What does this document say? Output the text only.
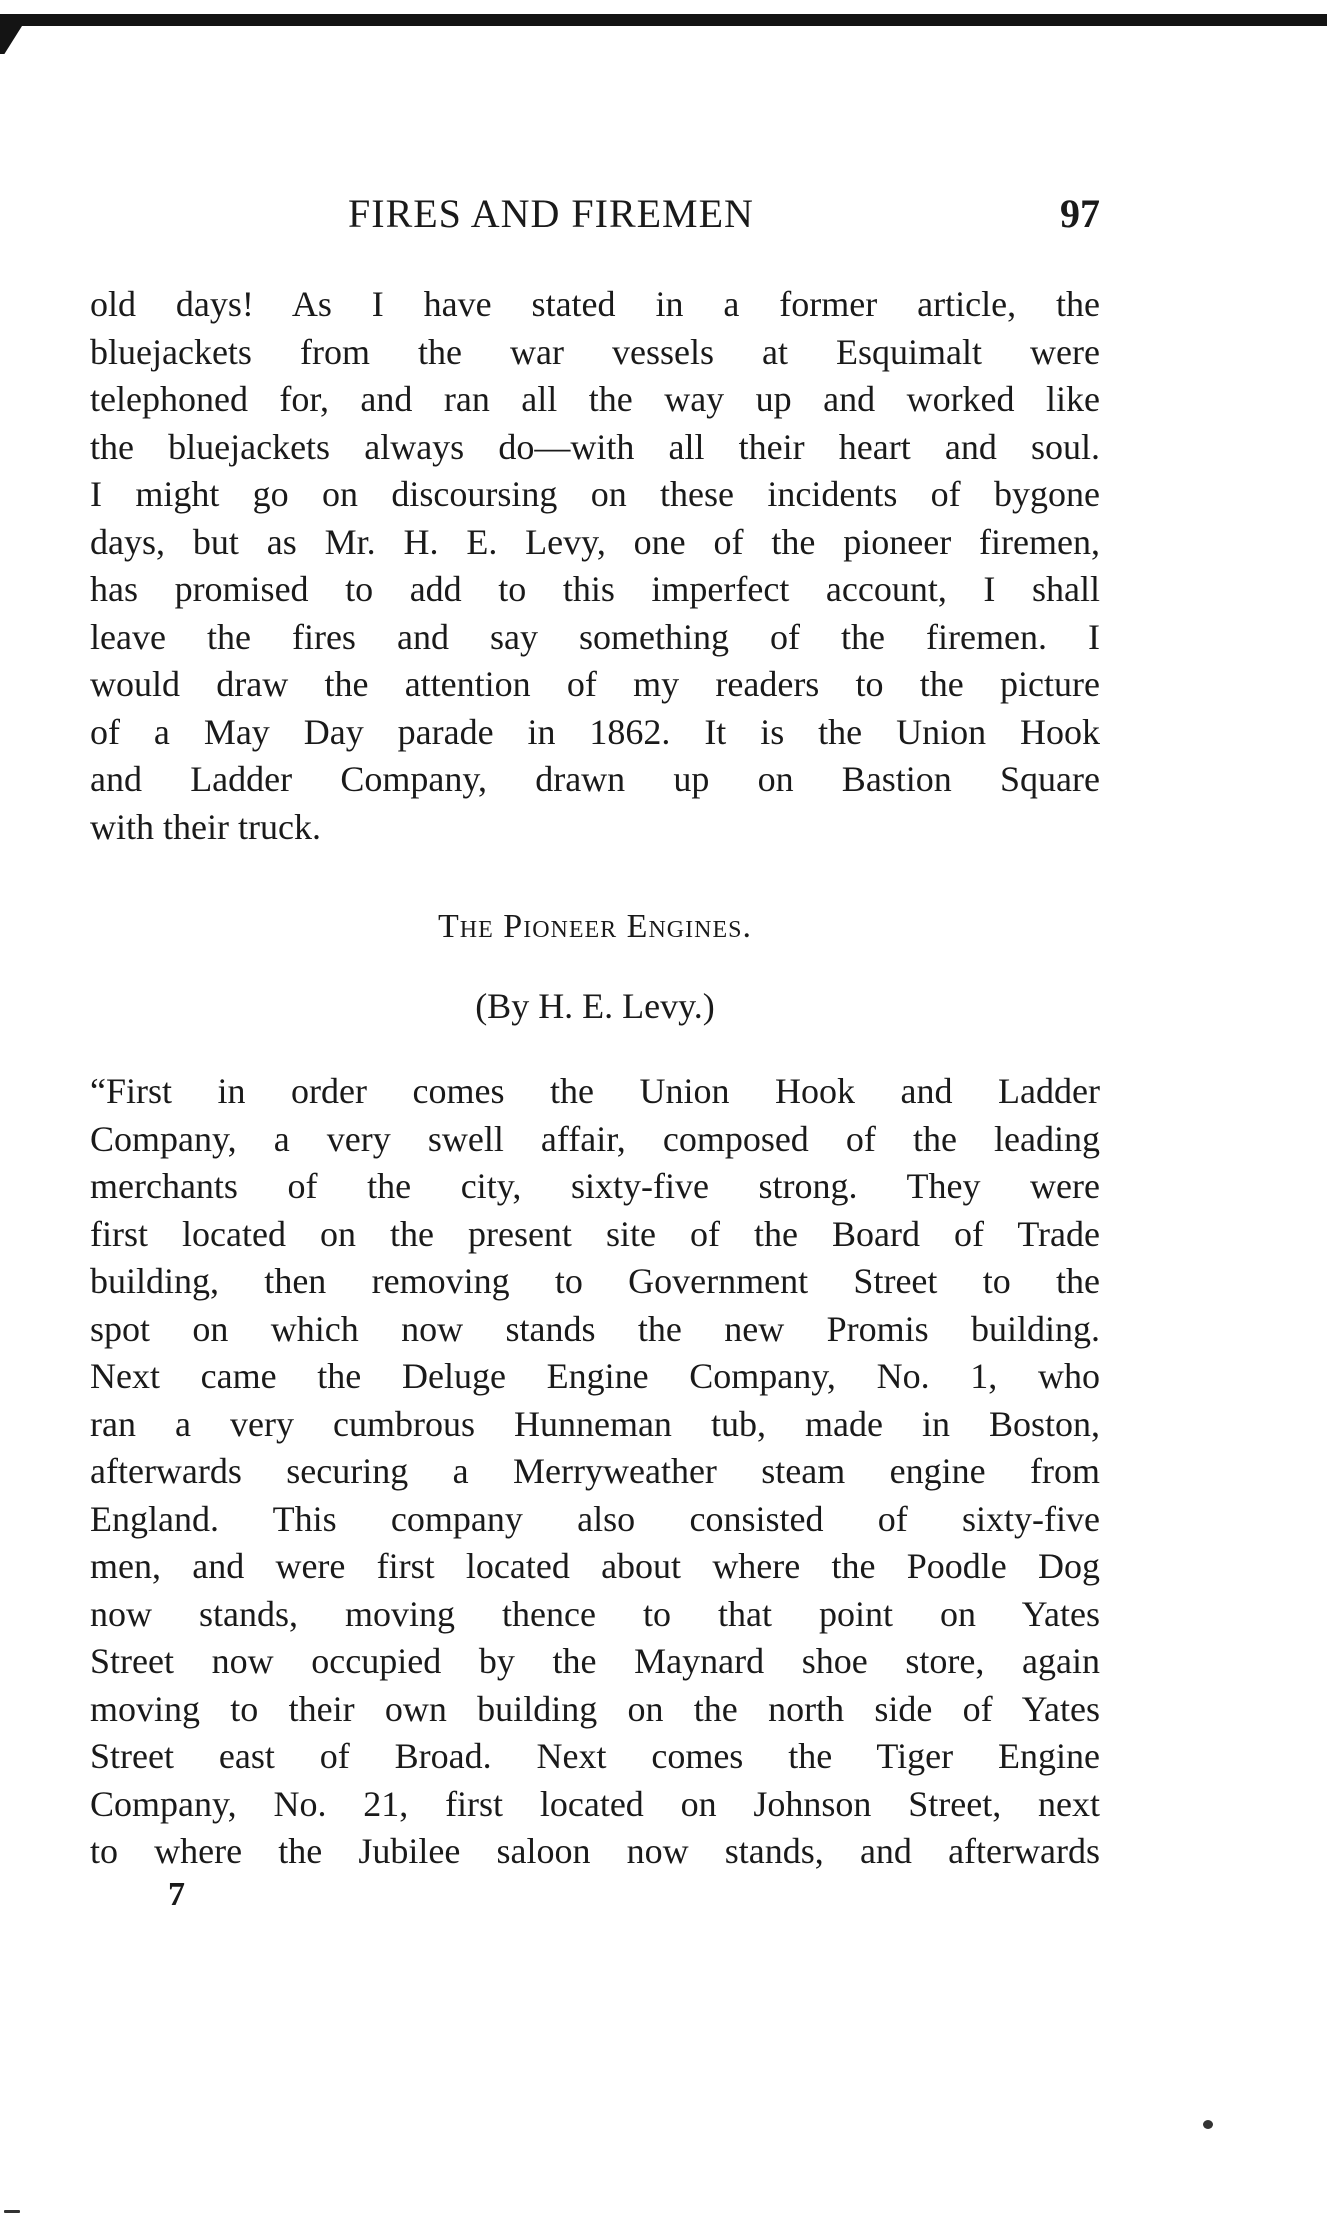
FIRES AND FIREMEN	97
old days! As I have stated in a former article, the
bluejackets from the war vessels at Esquimalt were
telephoned for, and ran all the way up and worked like
the bluejackets always do—with all their heart and soul.
I might go on discoursing on these incidents of bygone
days, but as Mr. H. E. Levy, one of the pioneer firemen,
has promised to add to this imperfect account, I shall
leave the fires and say something of the firemen. I
would draw the attention of my readers to the picture
of a May Day parade in 1862. It is the Union Hook
and Ladder Company, drawn up on Bastion Square
with their truck.
The Pioneer Engines.
(By H. E. Levy.)
“First in order comes the Union Hook and Ladder
Company, a very swell affair, composed of the leading
merchants of the city, sixty-five strong. They were
first located on the present site of the Board of Trade
building, then removing to Government Street to the
spot on which now stands the new Promis building.
Next came the Deluge Engine Company, No. 1, who
ran a very cumbrous Hunneman tub, made in Boston,
afterwards securing a Merryweather steam engine from
England. This company also consisted of sixty-five
men, and were first located about where the Poodle Dog
now stands, moving thence to that point on Yates
Street now occupied by the Maynard shoe store, again
moving to their own building on the north side of Yates
Street east of Broad. Next comes the Tiger Engine
Company, No. 21, first located on Johnson Street, next
to where the Jubilee saloon now stands, and afterwards
7
